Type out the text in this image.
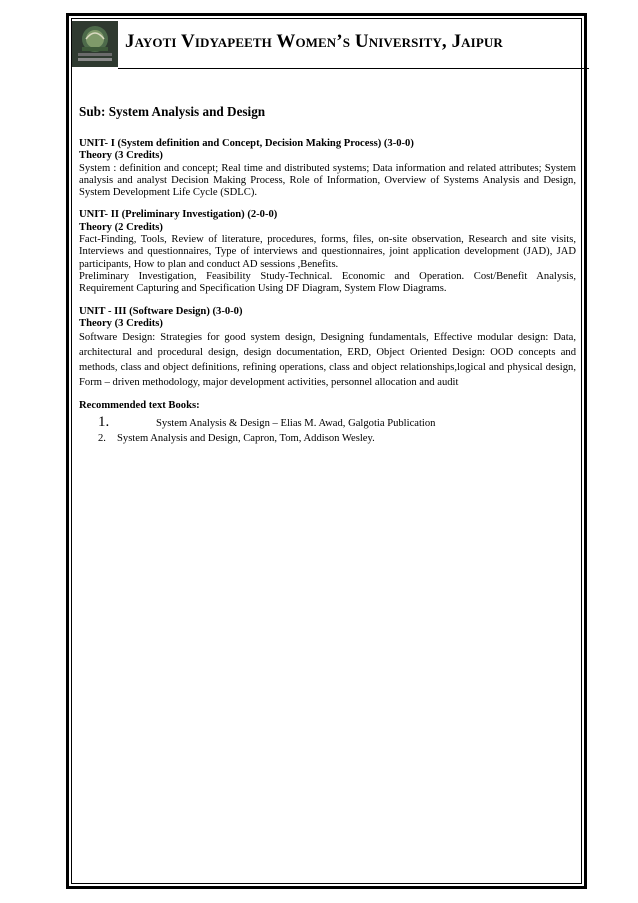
Jayoti Vidyapeeth Women’s University, Jaipur
Sub: System Analysis and Design
UNIT- I (System definition and Concept, Decision Making Process) (3-0-0)
Theory (3 Credits)

System : definition and concept; Real time and distributed systems; Data information and related attributes; System analysis and analyst Decision Making Process, Role of Information, Overview of Systems Analysis and Design, System Development Life Cycle (SDLC).

UNIT- II (Preliminary Investigation) (2-0-0)
Theory (2 Credits)

Fact-Finding, Tools, Review of literature, procedures, forms, files, on-site observation, Research and site visits, Interviews and questionnaires, Type of interviews and questionnaires, joint application development (JAD), JAD participants, How to plan and conduct AD sessions ,Benefits.

Preliminary Investigation, Feasibility Study-Technical. Economic and Operation. Cost/Benefit Analysis, Requirement Capturing and Specification Using DF Diagram, System Flow Diagrams.

UNIT - III (Software Design) (3-0-0)
Theory (3 Credits)

Software Design: Strategies for good system design, Designing fundamentals, Effective modular design: Data, architectural and procedural design, design documentation, ERD, Object Oriented Design: OOD concepts and methods, class and object definitions, refining operations, class and object relationships,logical and physical design, Form – driven methodology, major development activities, personnel allocation and audit

Recommended text Books:
1.	System Analysis & Design – Elias M. Awad, Galgotia Publication
2. System Analysis and Design, Capron, Tom, Addison Wesley.
